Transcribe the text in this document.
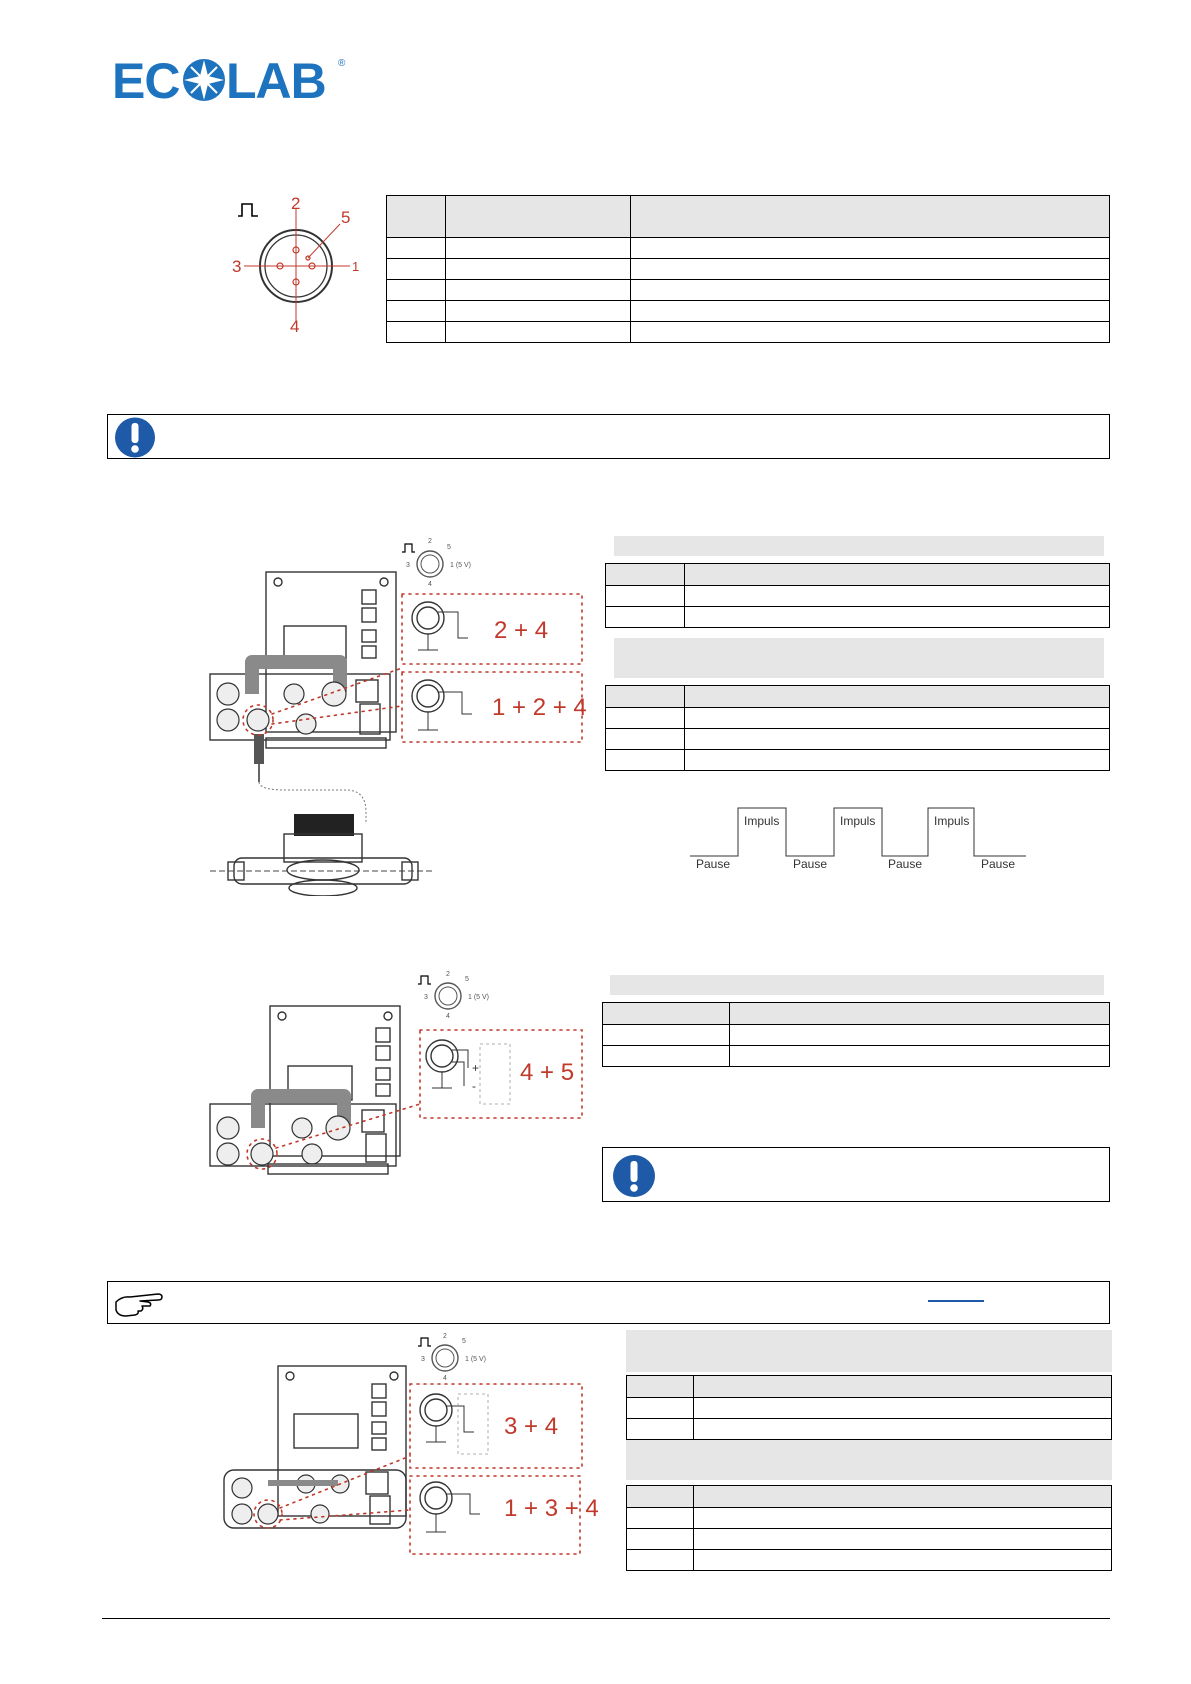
EC LAB ®
2
5
3	1
4

2
5
3	1 (5 V)
4
2 + 4
1 + 2 + 4

Impuls	Impuls	Impuls
Pause	Pause	Pause	Pause
2
5
3	1 (5 V)
4
+
- 4 + 5

2
5
3	1 (5 V)
4
3 + 4
1 + 3 + 4
